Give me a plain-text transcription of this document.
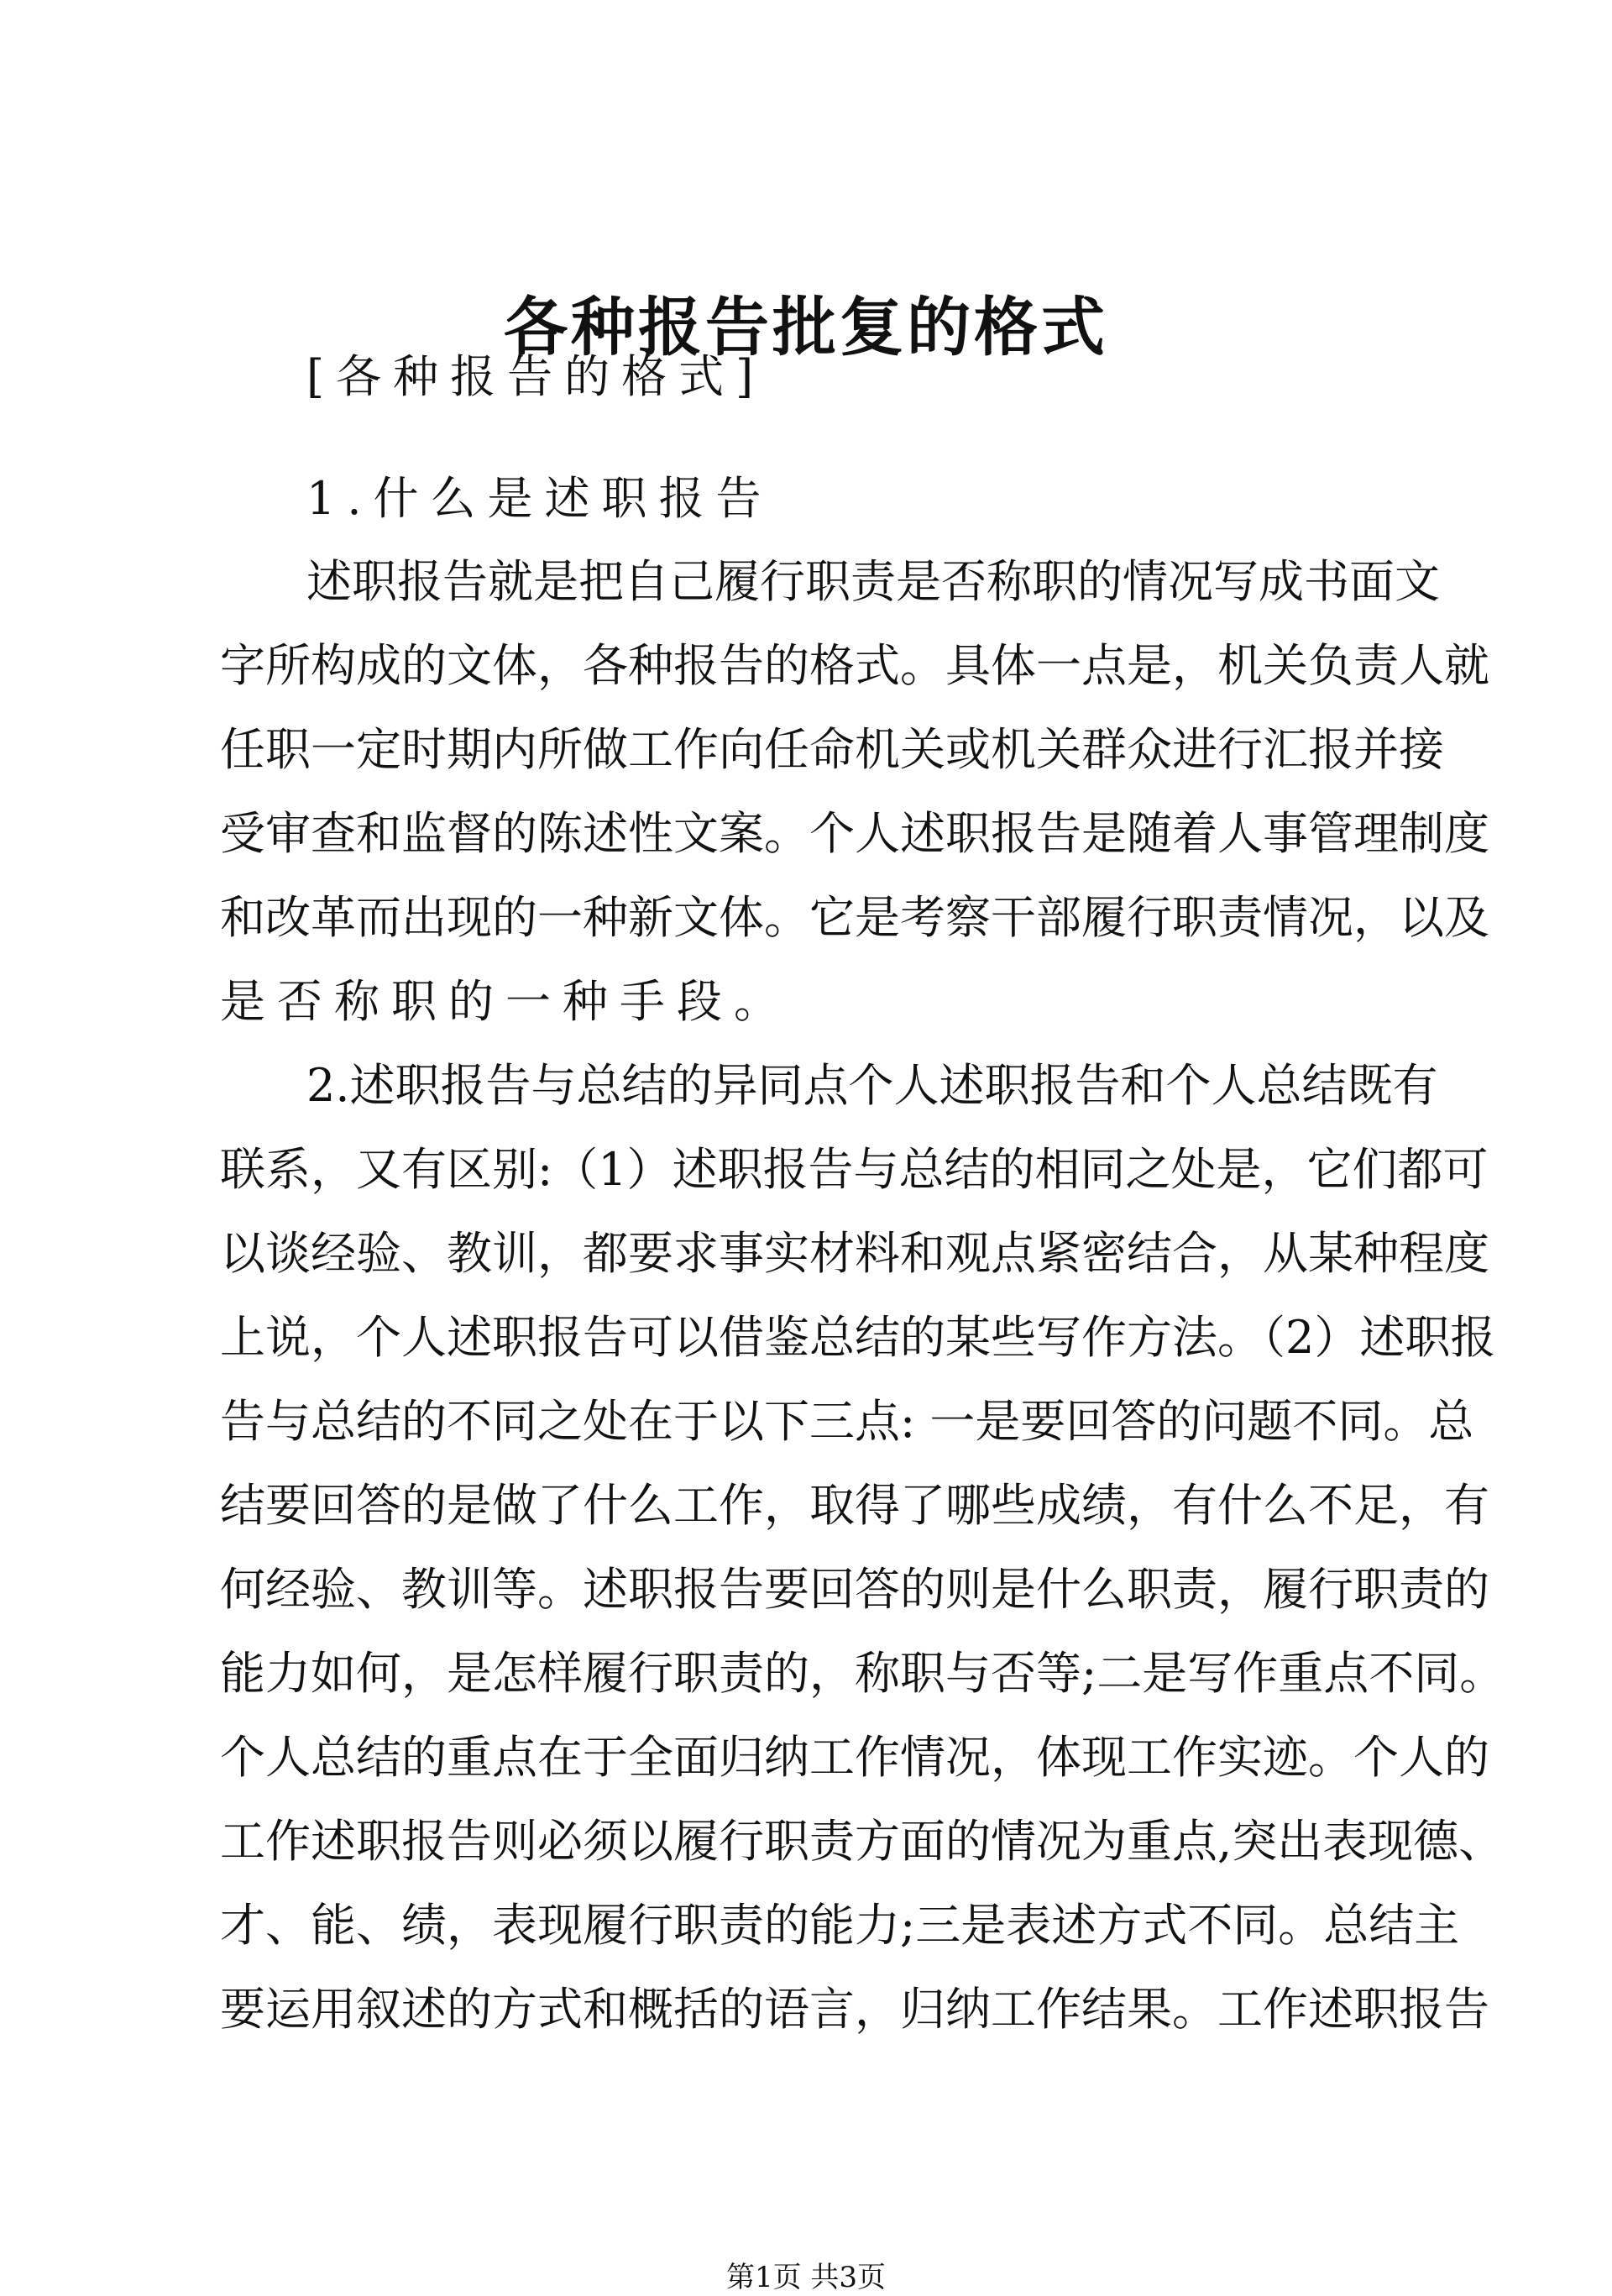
各种报告批复的格式
[各种报告的格式]
1.什么是述职报告
述职报告就是把自己履行职责是否称职的情况写成书面文
字所构成的文体，各种报告的格式。具体一点是，机关负责人就
任职一定时期内所做工作向任命机关或机关群众进行汇报并接
受审查和监督的陈述性文案。个人述职报告是随着人事管理制度
和改革而出现的一种新文体。它是考察干部履行职责情况，以及
是否称职的一种手段。
2.述职报告与总结的异同点个人述职报告和个人总结既有
联系，又有区别:（1）述职报告与总结的相同之处是，它们都可
以谈经验、教训，都要求事实材料和观点紧密结合，从某种程度
上说，个人述职报告可以借鉴总结的某些写作方法。（2）述职报
告与总结的不同之处在于以下三点: 一是要回答的问题不同。总
结要回答的是做了什么工作，取得了哪些成绩，有什么不足，有
何经验、教训等。述职报告要回答的则是什么职责，履行职责的
能力如何，是怎样履行职责的，称职与否等;二是写作重点不同。
个人总结的重点在于全面归纳工作情况，体现工作实迹。个人的
工作述职报告则必须以履行职责方面的情况为重点,突出表现德、
才、能、绩，表现履行职责的能力;三是表述方式不同。总结主
要运用叙述的方式和概括的语言，归纳工作结果。工作述职报告
第1页 共3页
